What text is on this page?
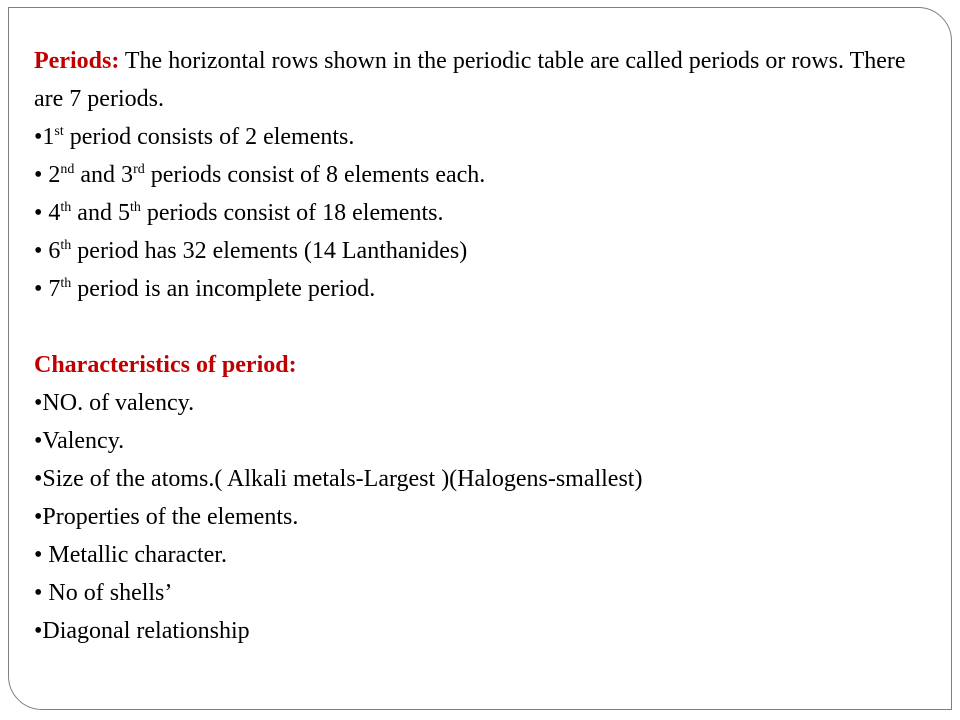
Periods: The horizontal rows shown in the periodic table are called periods or rows. There are 7 periods.
•1st period consists of 2 elements.
• 2nd and 3rd periods consist of 8 elements each.
• 4th and 5th periods consist of 18 elements.
• 6th period has 32 elements (14 Lanthanides)
• 7th period is an incomplete period.
Characteristics of period:
•NO. of valency.
•Valency.
•Size of the atoms.( Alkali metals-Largest )(Halogens-smallest)
•Properties of the elements.
• Metallic character.
• No of shells’
•Diagonal relationship
